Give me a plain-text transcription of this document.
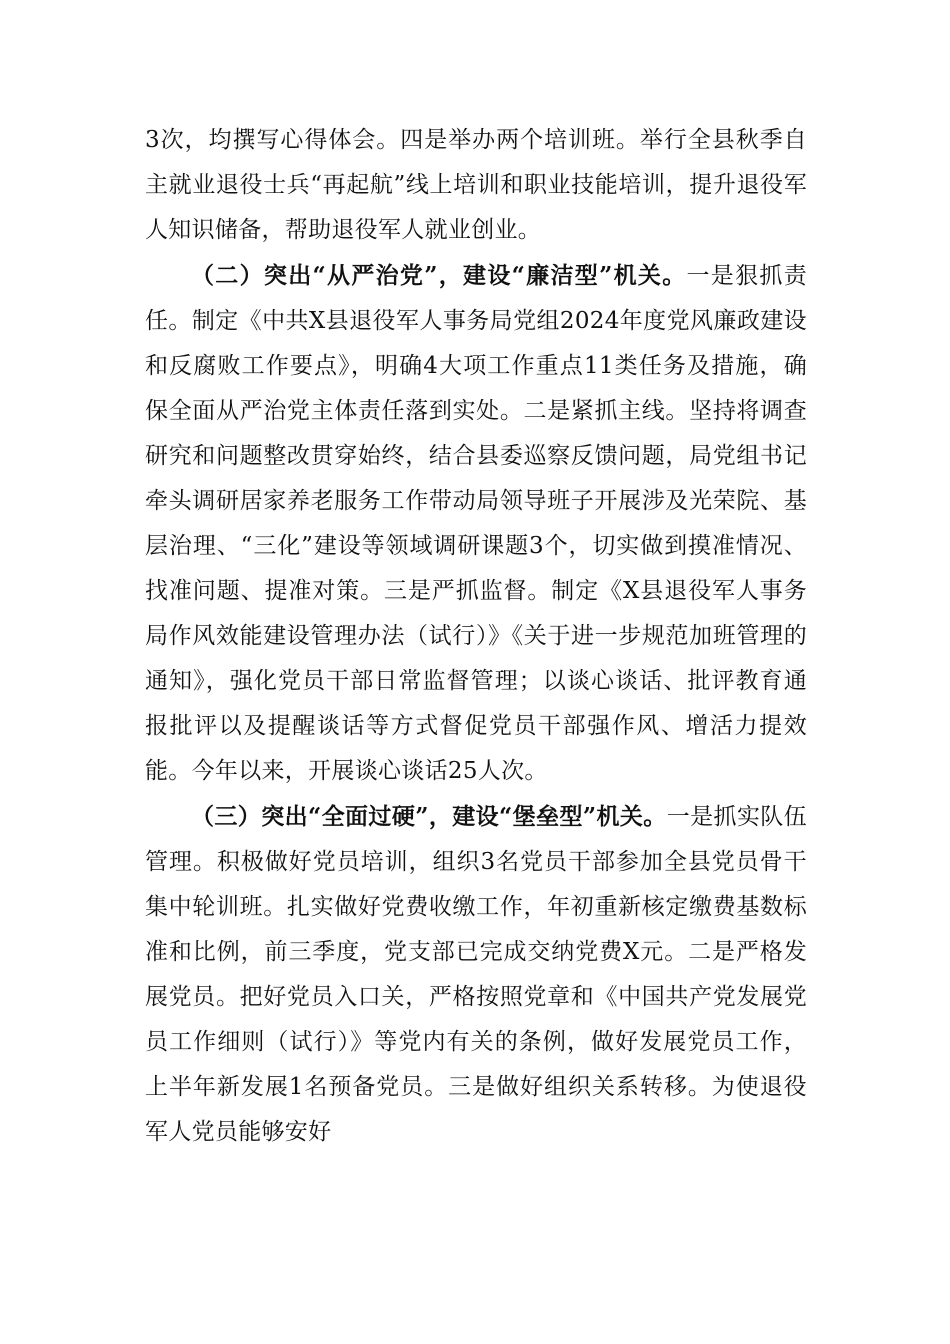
3次，均撰写心得体会。四是举办两个培训班。举行全县秋季自主就业退役士兵“再起航”线上培训和职业技能培训，提升退役军人知识储备，帮助退役军人就业创业。

（二）突出“从严治党”，建设“廉洁型”机关。一是狠抓责任。制定《中共X县退役军人事务局党组2024年度党风廉政建设和反腐败工作要点》，明确4大项工作重点11类任务及措施，确保全面从严治党主体责任落到实处。二是紧抓主线。坚持将调查研究和问题整改贯穿始终，结合县委巡察反馈问题，局党组书记牵头调研居家养老服务工作带动局领导班子开展涉及光荣院、基层治理、“三化”建设等领域调研课题3个，切实做到摸准情况、找准问题、提准对策。三是严抓监督。制定《X县退役军人事务局作风效能建设管理办法（试行）》《关于进一步规范加班管理的通知》，强化党员干部日常监督管理；以谈心谈话、批评教育通报批评以及提醒谈话等方式督促党员干部强作风、增活力提效能。今年以来，开展谈心谈话25人次。

（三）突出“全面过硬”，建设“堡垒型”机关。一是抓实队伍管理。积极做好党员培训，组织3名党员干部参加全县党员骨干集中轮训班。扎实做好党费收缴工作，年初重新核定缴费基数标准和比例，前三季度，党支部已完成交纳党费X元。二是严格发展党员。把好党员入口关，严格按照党章和《中国共产党发展党员工作细则（试行）》等党内有关的条例，做好发展党员工作，上半年新发展1名预备党员。三是做好组织关系转移。为使退役军人党员能够安好
